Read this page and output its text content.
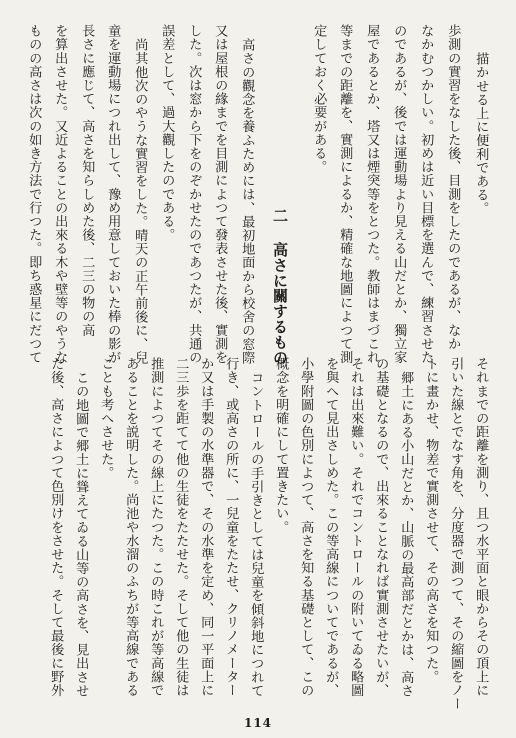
描かせる上に便利である。
歩測の實習をなした後、目測をしたのであるが、なか
なかむつかしい。初めは近い目標を選んで、練習させた
のであるが、後では運動場より見える山だとか、獨立家
屋であるとか、塔又は煙突等をとつた。教師はまづこれ
等までの距離を、實測によるか、精確な地圖によつて測
定しておく必要がある。
二 高さに關するもの
高さの觀念を養ふためには、最初地面から校舍の窓際
又は屋根の緣までを目測によつて發表させた後、實測を
した。次は窓から下をのぞかせたのであつたが、共通の
誤差として、過大觀したのである。
尚其他次のやうな實習をした。晴天の正午前後に、兒
童を運動場につれ出して、豫め用意しておいた棒の影が
長さに應じて、高さを知らしめた後、二三の物の高
を算出させた。又近よることの出來る木や壁等のやうな
ものの高さは次の如き方法で行つた。即ち惑星にだつて
それまでの距離を測り、且つ水平面と眼からその頂上に
引いた線とでなす角を、分度器で測つて、その縮圖をノー
トに畫かせ、物差で實測させて、その高さを知つた。
郷土にある小山だとか、山脈の最高部だとかは、高さ
の基礎となるので、出來ることなれば實測させたいが、
それは出來難い。それでコントロールの附いてゐる略圖
を與へて見出さしめた。この等高線についてであるが、
小學附圖の色別によつて、高さを知る基礎として、この
概念を明確にして置きたい。
コントロールの手引きとしては兒童を傾斜地につれて
行き、或高さの所に、一兒童をたたせ、クリノメーター
か又は手製の水準器で、その水準を定め、同一平面上に
二三歩を距てて他の生徒をたたせた。そして他の生徒は
推測によつてその線上にたつた。この時これが等高線で
あることを説明した。尚池や水溜のふちが等高線である
ことも考へさせた。
この地圖で郷土に聳えてゐる山等の高さを、見出させ
た後、高さによつて色別けをさせた。そして最後に野外
114
